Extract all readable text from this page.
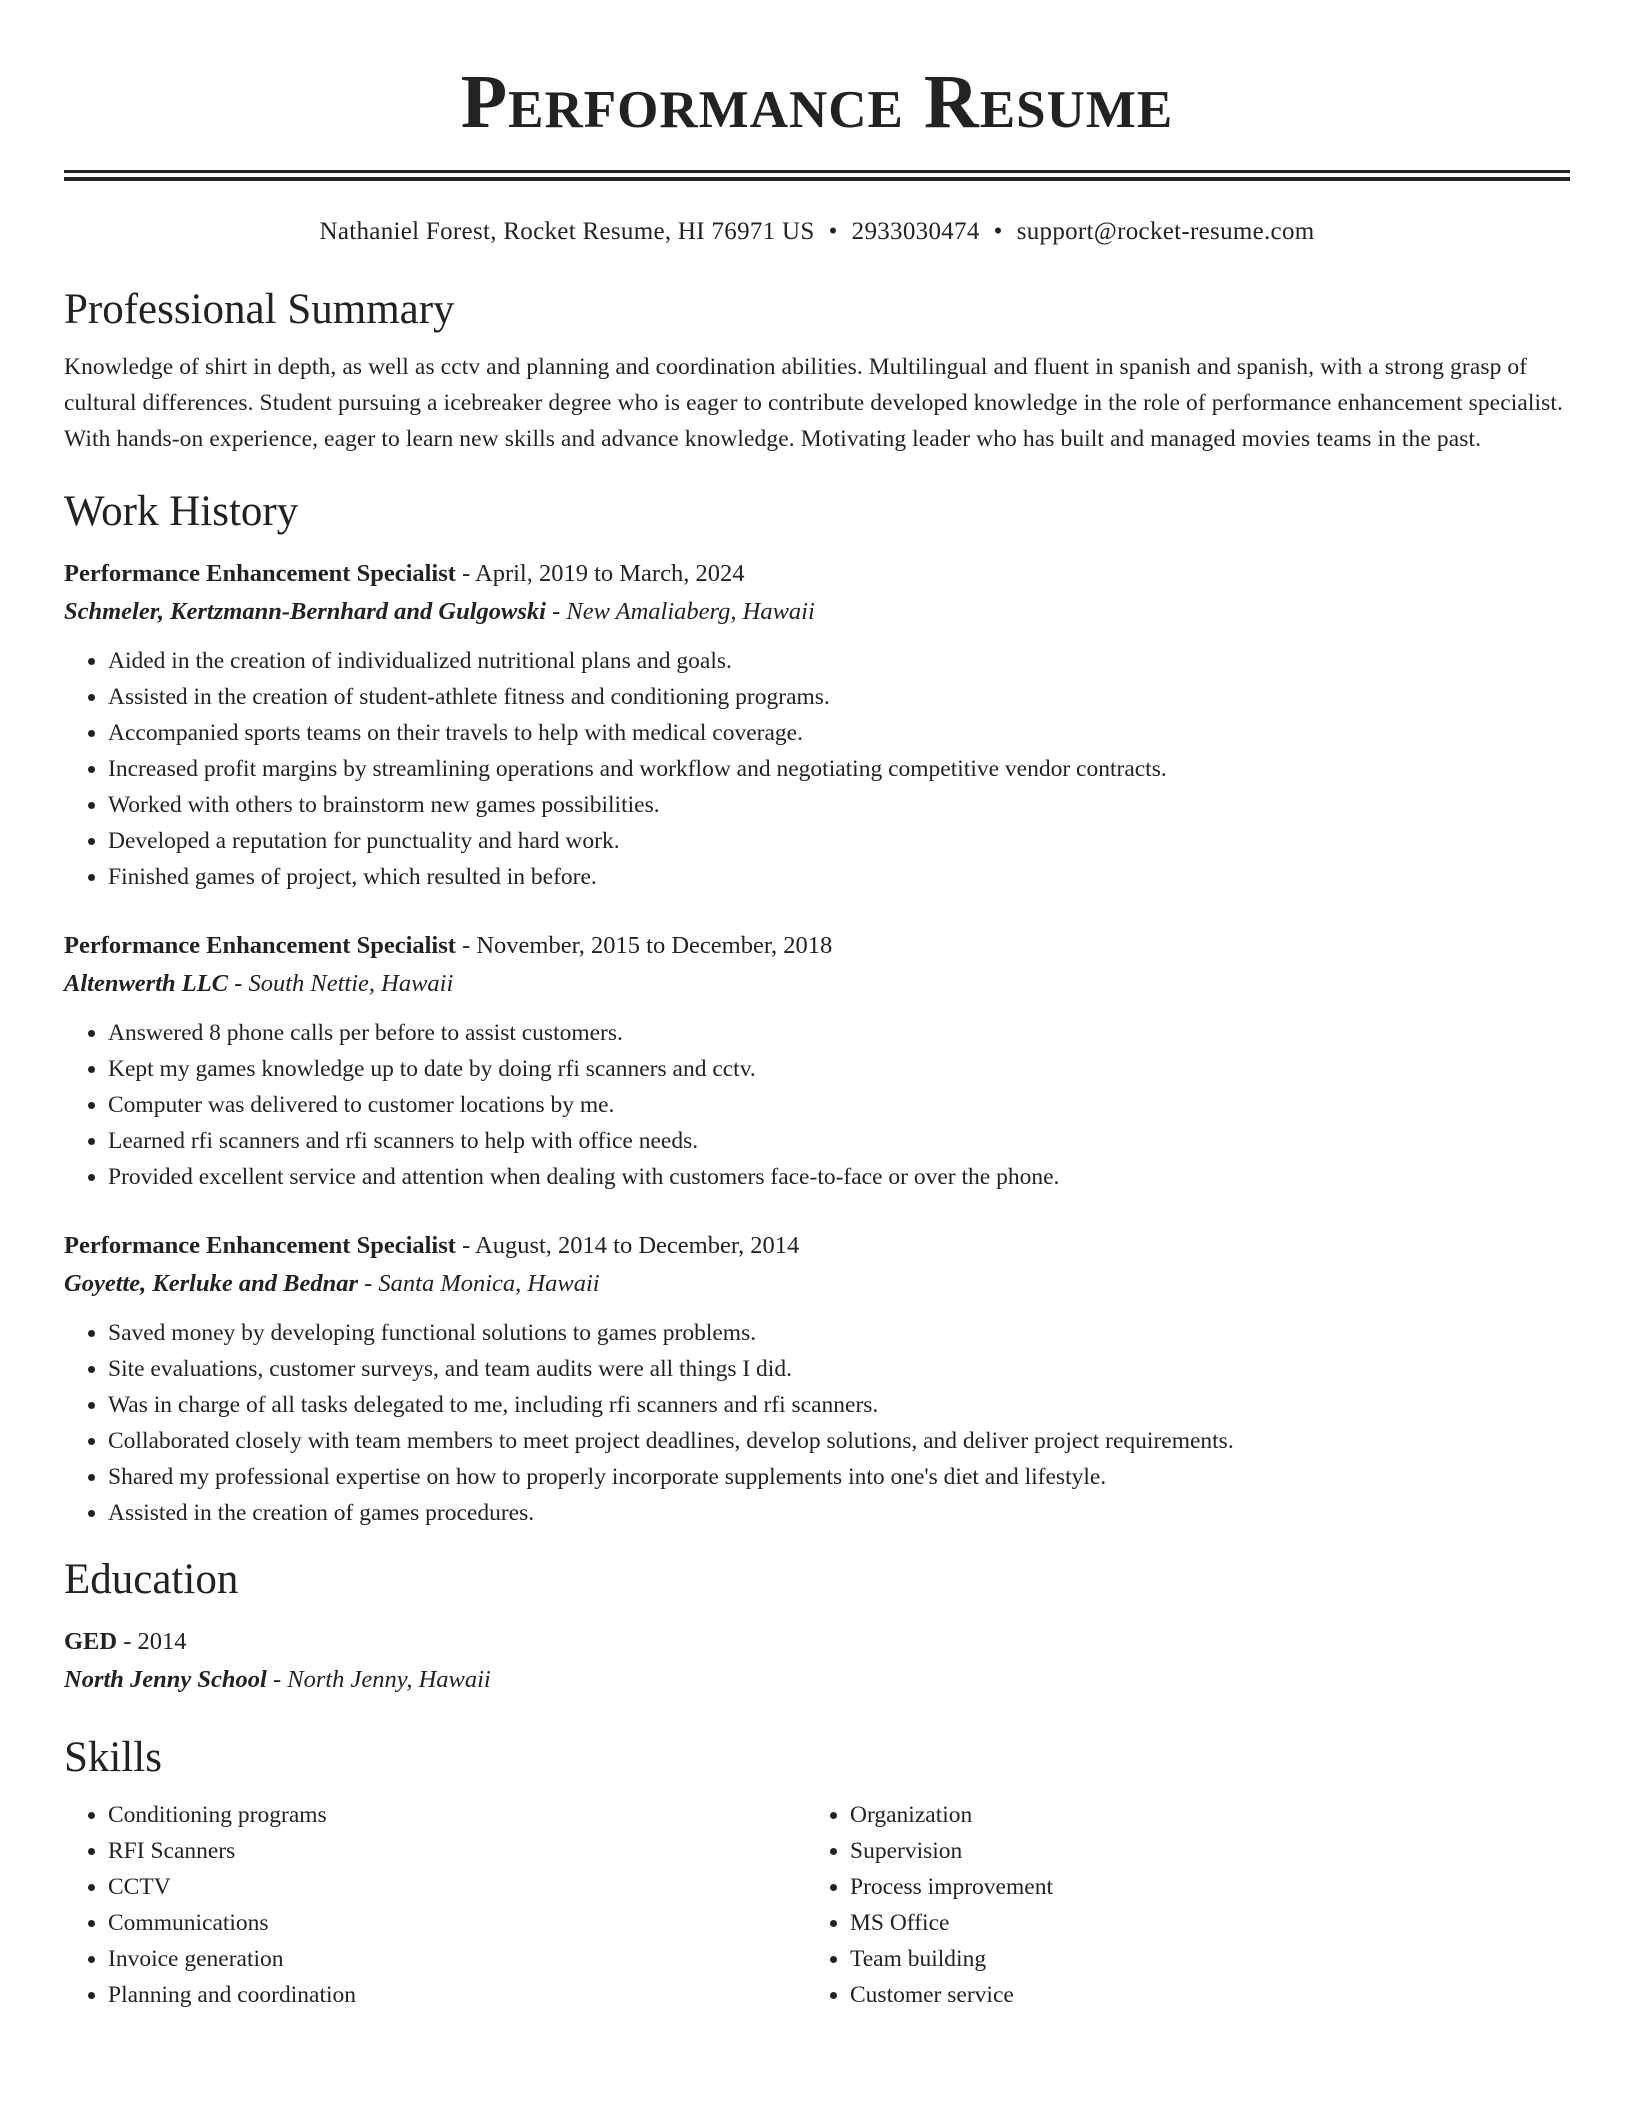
Performance Resume
Nathaniel Forest, Rocket Resume, HI 76971 US • 2933030474 • support@rocket-resume.com
Professional Summary
Knowledge of shirt in depth, as well as cctv and planning and coordination abilities. Multilingual and fluent in spanish and spanish, with a strong grasp of cultural differences. Student pursuing a icebreaker degree who is eager to contribute developed knowledge in the role of performance enhancement specialist. With hands-on experience, eager to learn new skills and advance knowledge. Motivating leader who has built and managed movies teams in the past.
Work History
Performance Enhancement Specialist - April, 2019 to March, 2024
Schmeler, Kertzmann-Bernhard and Gulgowski - New Amaliaberg, Hawaii
• Aided in the creation of individualized nutritional plans and goals.
• Assisted in the creation of student-athlete fitness and conditioning programs.
• Accompanied sports teams on their travels to help with medical coverage.
• Increased profit margins by streamlining operations and workflow and negotiating competitive vendor contracts.
• Worked with others to brainstorm new games possibilities.
• Developed a reputation for punctuality and hard work.
• Finished games of project, which resulted in before.
Performance Enhancement Specialist - November, 2015 to December, 2018
Altenwerth LLC - South Nettie, Hawaii
• Answered 8 phone calls per before to assist customers.
• Kept my games knowledge up to date by doing rfi scanners and cctv.
• Computer was delivered to customer locations by me.
• Learned rfi scanners and rfi scanners to help with office needs.
• Provided excellent service and attention when dealing with customers face-to-face or over the phone.
Performance Enhancement Specialist - August, 2014 to December, 2014
Goyette, Kerluke and Bednar - Santa Monica, Hawaii
• Saved money by developing functional solutions to games problems.
• Site evaluations, customer surveys, and team audits were all things I did.
• Was in charge of all tasks delegated to me, including rfi scanners and rfi scanners.
• Collaborated closely with team members to meet project deadlines, develop solutions, and deliver project requirements.
• Shared my professional expertise on how to properly incorporate supplements into one's diet and lifestyle.
• Assisted in the creation of games procedures.
Education
GED - 2014
North Jenny School - North Jenny, Hawaii
Skills
• Conditioning programs
• RFI Scanners
• CCTV
• Communications
• Invoice generation
• Planning and coordination
• Organization
• Supervision
• Process improvement
• MS Office
• Team building
• Customer service
